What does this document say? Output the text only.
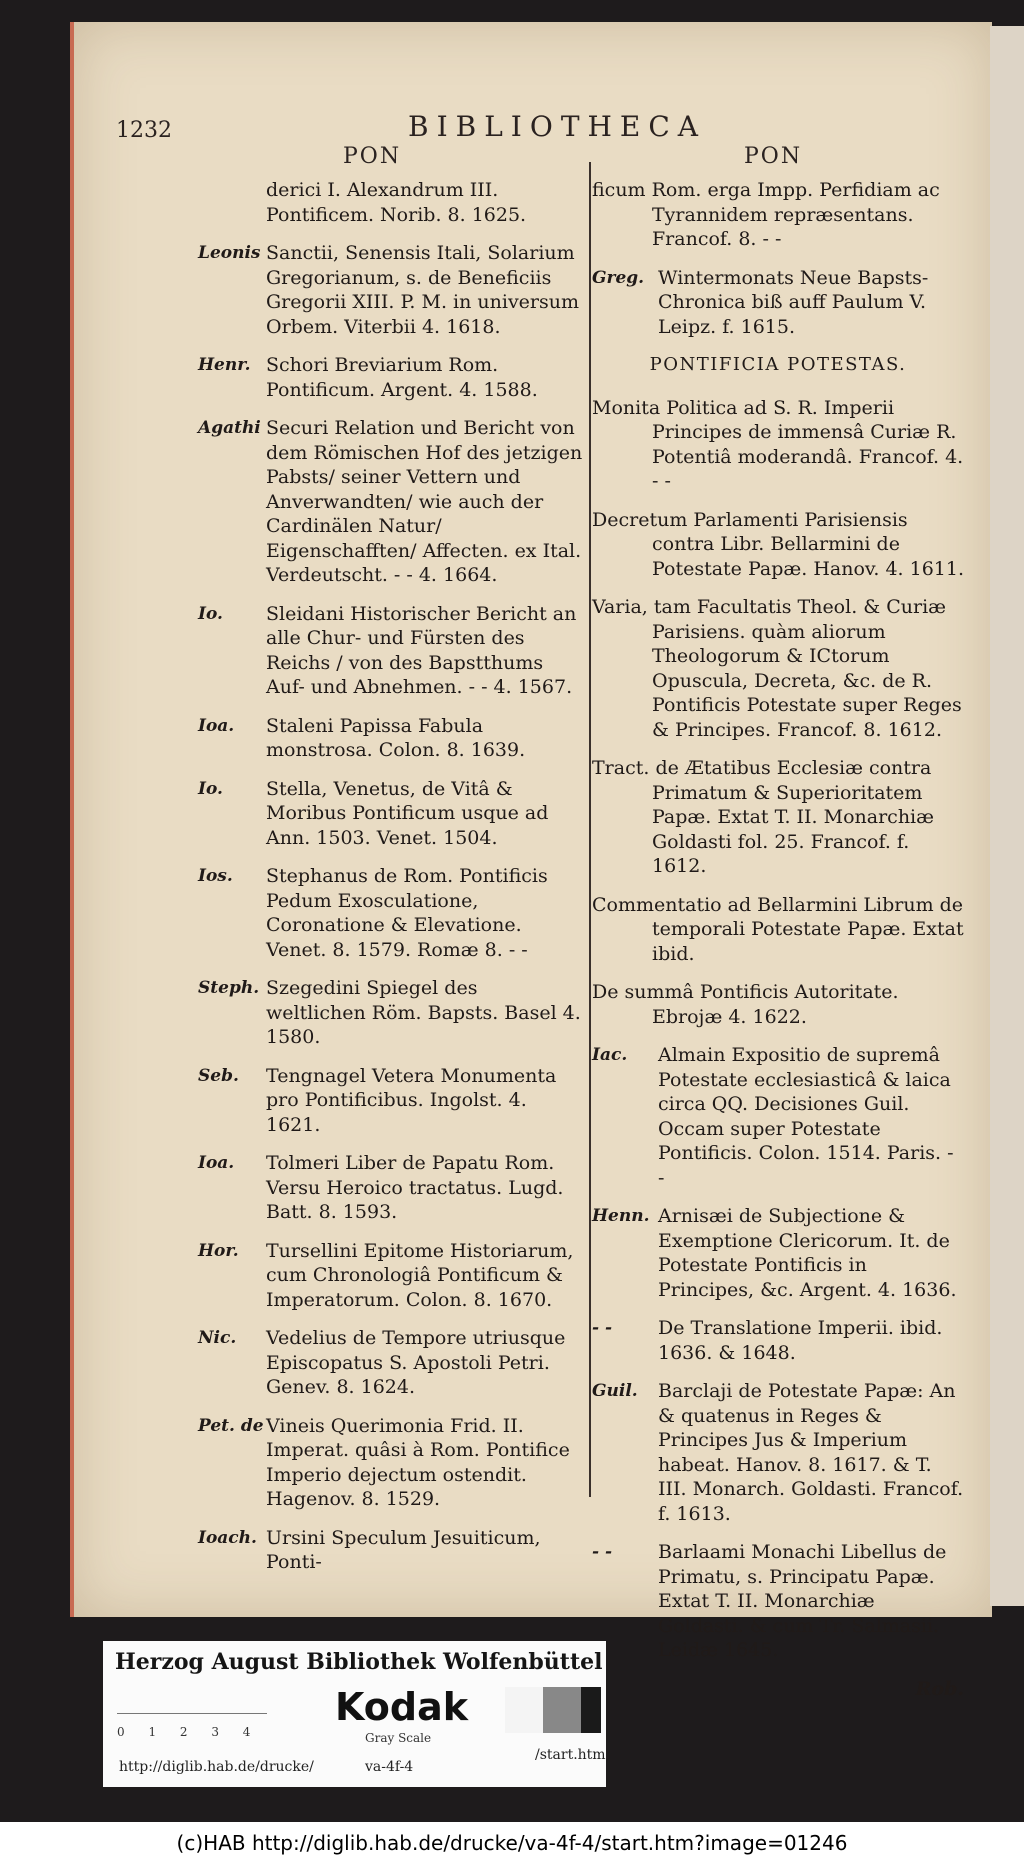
1232	BIBLIOTHECA
PON	PON
derici I. Alexandrum III. Pontificem. Norib. 8. 1625.
Leonis Sanctii, Senensis Itali, Solarium Gregorianum, s. de Beneficiis Gregorii XIII. P. M. in universum Orbem. Viterbii 4. 1618.
Henr. Schori Breviarium Rom. Pontificum. Argent. 4. 1588.
Agathi Securi Relation und Bericht von dem Römischen Hof des jetzigen Pabsts/ seiner Vettern und Anverwandten/ wie auch der Cardinälen Natur/ Eigenschafften/ Affecten. ex Ital. Verdeutscht. - - 4. 1664.
Io.	Sleidani Historischer Bericht an alle Chur- und Fürsten des Reichs / von des Bapstthums Auf- und Abnehmen. - - 4. 1567.
Ioa.	Staleni Papissa Fabula monstrosa. Colon. 8. 1639.
Io.	Stella, Venetus, de Vitâ & Moribus Pontificum usque ad Ann. 1503. Venet. 1504.
Ios.	Stephanus de Rom. Pontificis Pedum Exosculatione, Coronatione & Elevatione. Venet. 8. 1579. Romæ 8. - -
Steph. Szegedini Spiegel des weltlichen Röm. Bapsts. Basel 4. 1580.
Seb.	Tengnagel Vetera Monumenta pro Pontificibus. Ingolst. 4. 1621.
Ioa.	Tolmeri Liber de Papatu Rom. Versu Heroico tractatus. Lugd. Batt. 8. 1593.
Hor.	Tursellini Epitome Historiarum, cum Chronologiâ Pontificum & Imperatorum. Colon. 8. 1670.
Nic.	Vedelius de Tempore utriusque Episcopatus S. Apostoli Petri. Genev. 8. 1624.
Pet. de Vineis Querimonia Frid. II. Imperat. quâsi à Rom. Pontifice Imperio dejectum ostendit. Hagenov. 8. 1529.
Ioach. Ursini Speculum Jesuiticum, Ponti-
ficum Rom. erga Impp. Perfidiam ac Tyrannidem repræsentans. Francof. 8. - -
Greg. Wintermonats Neue Bapsts-Chronica biß auff Paulum V. Leipz. f. 1615.
PONTIFICIA POTESTAS.
Monita Politica ad S. R. Imperii Principes de immensâ Curiæ R. Potentiâ moderandâ. Francof. 4. - -
Decretum Parlamenti Parisiensis contra Libr. Bellarmini de Potestate Papæ. Hanov. 4. 1611.
Varia, tam Facultatis Theol. & Curiæ Parisiens. quàm aliorum Theologorum & ICtorum Opuscula, Decreta, &c. de R. Pontificis Potestate super Reges & Principes. Francof. 8. 1612.
Tract. de Ætatibus Ecclesiæ contra Primatum & Superioritatem Papæ. Extat T. II. Monarchiæ Goldasti fol. 25. Francof. f. 1612.
Commentatio ad Bellarmini Librum de temporali Potestate Papæ. Extat ibid.
De summâ Pontificis Autoritate. Ebrojæ 4. 1622.
Iac.	Almain Expositio de supremâ Potestate ecclesiasticâ & laica circa QQ. Decisiones Guil. Occam super Potestate Pontificis. Colon. 1514. Paris. - -
Henn. Arnisæi de Subjectione & Exemptione Clericorum. It. de Potestate Pontificis in Principes, &c. Argent. 4. 1636.
- -	De Translatione Imperii. ibid. 1636. & 1648.
Guil.	Barclaji de Potestate Papæ: An & quatenus in Reges & Principes Jus & Imperium habeat. Hanov. 8. 1617. & T. III. Monarch. Goldasti. Francof. f. 1613.
- -	Barlaami Monachi Libellus de Primatu, s. Principatu Papæ. Extat T. II. Monarchiæ Goldasti. & cum Tr. Salmasii. Leidæ 1645.
Rob.
Herzog August Bibliothek Wolfenbüttel
0 1 2 3 4
Kodak
Gray Scale
http://diglib.hab.de/drucke/	va-4f-4
/start.htm
(c)HAB http://diglib.hab.de/drucke/va-4f-4/start.htm?image=01246
